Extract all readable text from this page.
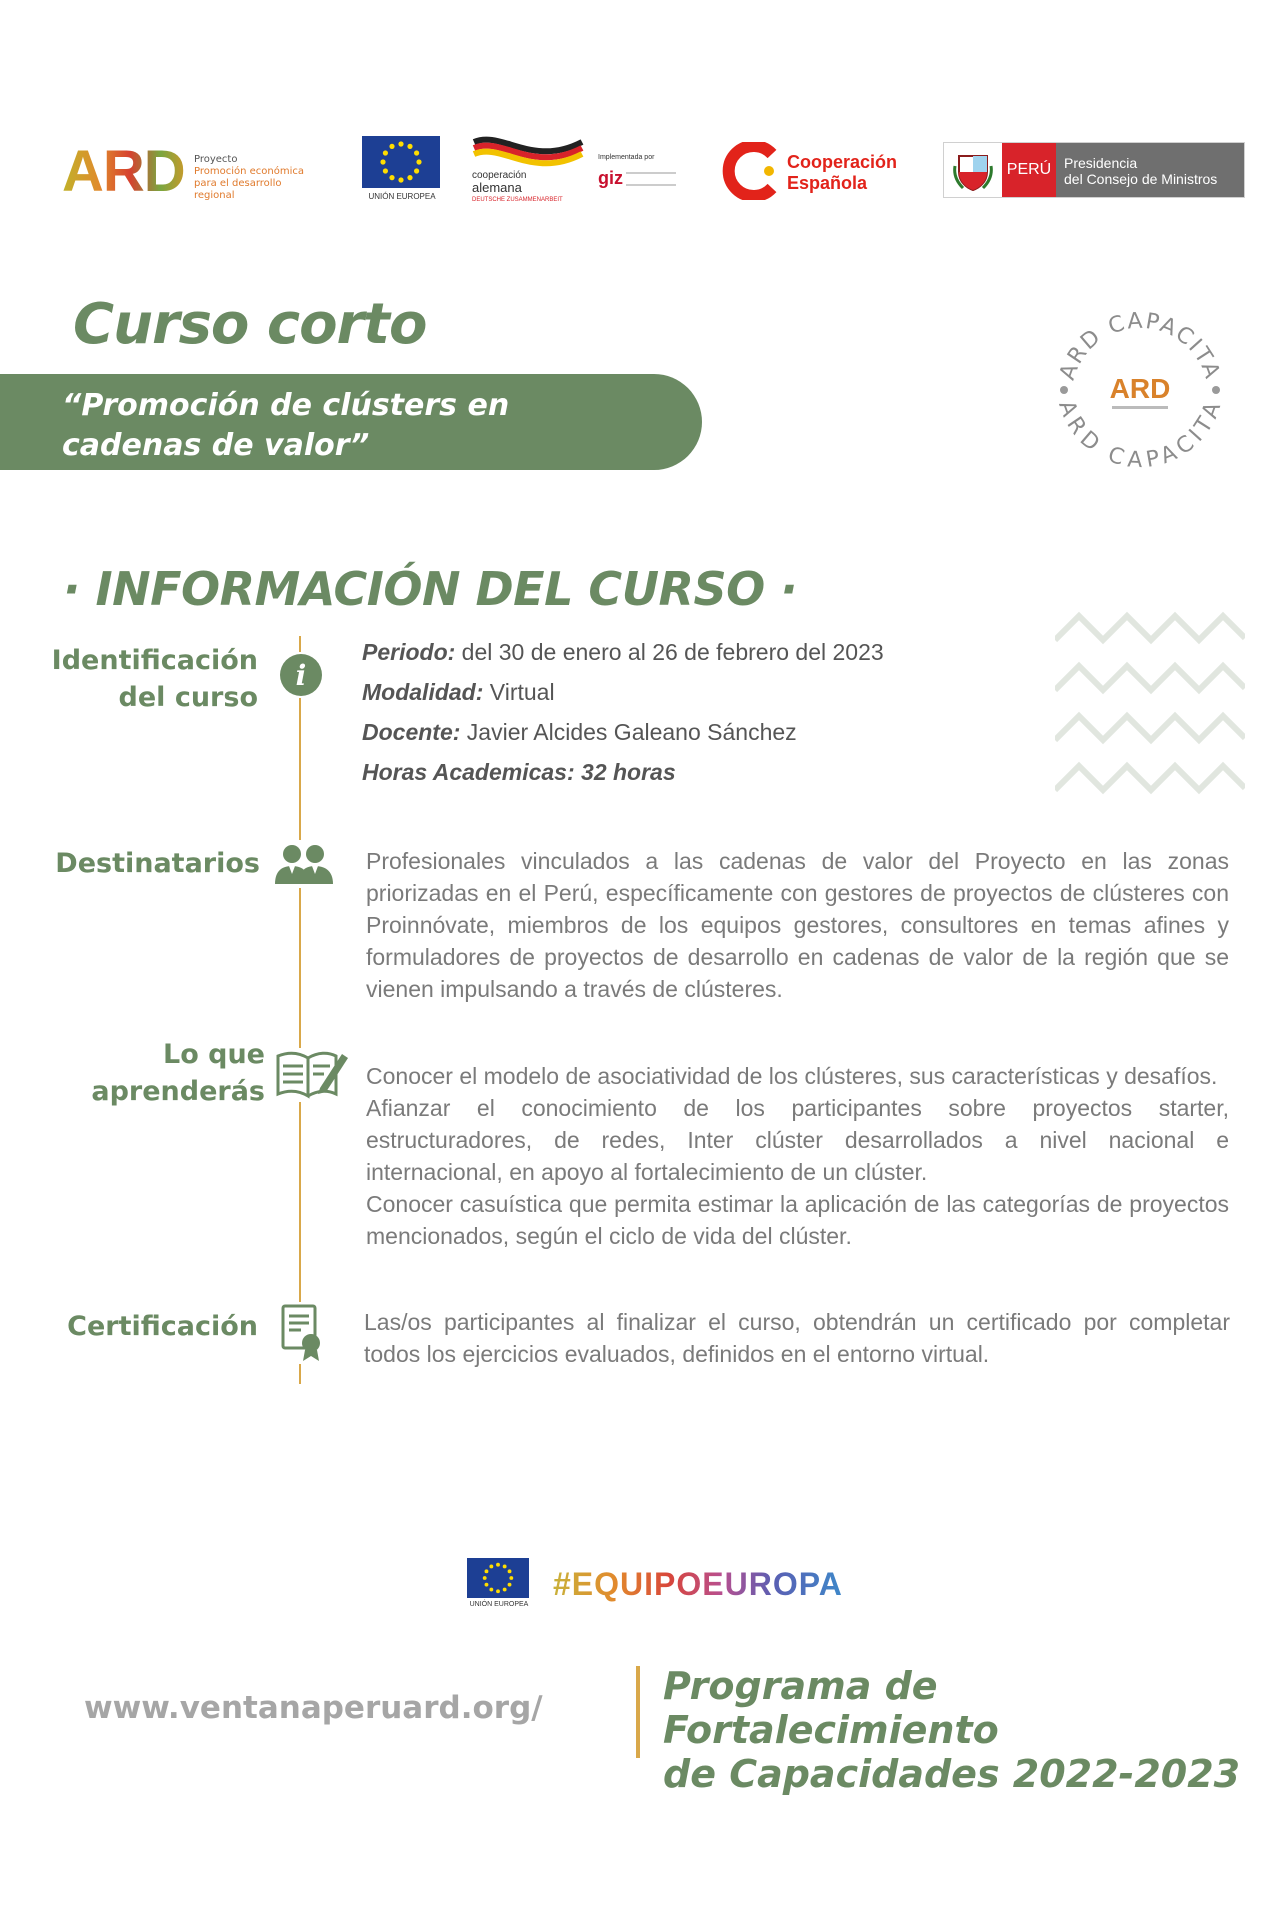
ARD Proyecto
Promoción económica
para el desarrollo regional	UNIÓN EUROPEA
cooperación
alemana
DEUTSCHE ZUSAMMENARBEIT
Implementada por
giz
Cooperación
Española
PERÚ Presidencia
del Consejo de Ministros
Curso corto
“Promoción de clústers en
cadenas de valor”
ARD CAPACITA
ARD CAPACITA
ARD
· INFORMACIÓN DEL CURSO ·
Identificación
del curso
i
Periodo: del 30 de enero al 26 de febrero del 2023
Modalidad: Virtual
Docente: Javier Alcides Galeano Sánchez
Horas Academicas: 32 horas
Destinatarios	Profesionales vinculados a las cadenas de valor del Proyecto en las zonas priorizadas en el Perú, específicamente con gestores de proyectos de clústeres con Proinnóvate, miembros de los equipos gestores, consultores en temas afines y formuladores de proyectos de desarrollo en cadenas de valor de la región que se vienen impulsando a través de clústeres.
Lo que
aprenderás	Conocer el modelo de asociatividad de los clústeres, sus características y desafíos.
Afianzar el conocimiento de los participantes sobre proyectos starter, estructuradores, de redes, Inter clúster desarrollados a nivel nacional e internacional, en apoyo al fortalecimiento de un clúster.
Conocer casuística que permita estimar la aplicación de las categorías de proyectos mencionados, según el ciclo de vida del clúster.
Certificación	Las/os participantes al finalizar el curso, obtendrán un certificado por completar todos los ejercicios evaluados, definidos en el entorno virtual.
UNIÓN EUROPEA
#EQUIPOEUROPA
www.ventanaperuard.org/	Programa de Fortalecimiento
de Capacidades 2022-2023
